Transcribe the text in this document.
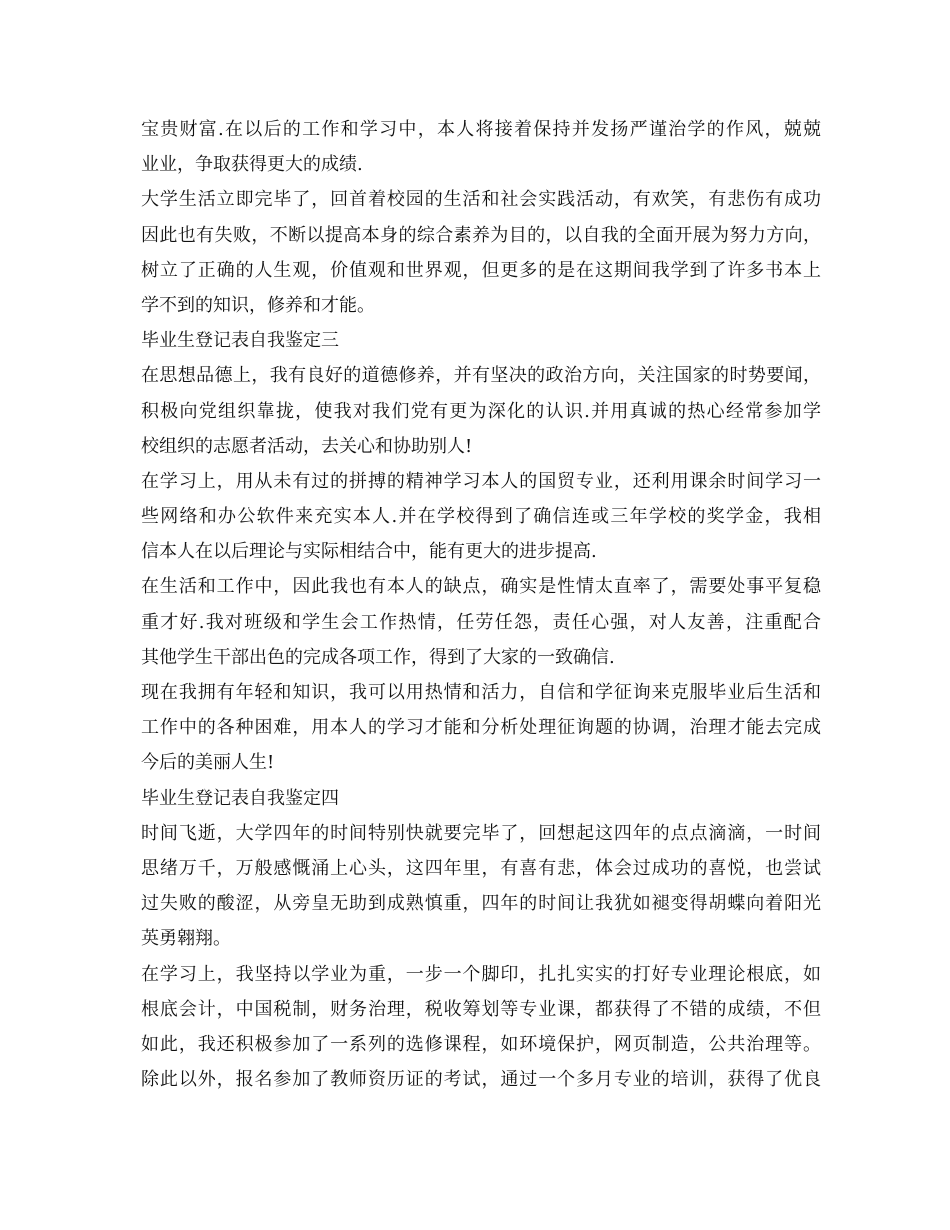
宝贵财富.在以后的工作和学习中，本人将接着保持并发扬严谨治学的作风，兢兢
业业，争取获得更大的成绩.
大学生活立即完毕了，回首着校园的生活和社会实践活动，有欢笑，有悲伤有成功
因此也有失败，不断以提高本身的综合素养为目的，以自我的全面开展为努力方向，
树立了正确的人生观，价值观和世界观，但更多的是在这期间我学到了许多书本上
学不到的知识，修养和才能。
毕业生登记表自我鉴定三
在思想品德上，我有良好的道德修养，并有坚决的政治方向，关注国家的时势要闻，
积极向党组织靠拢，使我对我们党有更为深化的认识.并用真诚的热心经常参加学
校组织的志愿者活动，去关心和协助别人!
在学习上，用从未有过的拼搏的精神学习本人的国贸专业，还利用课余时间学习一
些网络和办公软件来充实本人.并在学校得到了确信连或三年学校的奖学金，我相
信本人在以后理论与实际相结合中，能有更大的进步提高.
在生活和工作中，因此我也有本人的缺点，确实是性情太直率了，需要处事平复稳
重才好.我对班级和学生会工作热情，任劳任怨，责任心强，对人友善，注重配合
其他学生干部出色的完成各项工作，得到了大家的一致确信.
现在我拥有年轻和知识，我可以用热情和活力，自信和学征询来克服毕业后生活和
工作中的各种困难，用本人的学习才能和分析处理征询题的协调，治理才能去完成
今后的美丽人生!
毕业生登记表自我鉴定四
时间飞逝，大学四年的时间特别快就要完毕了，回想起这四年的点点滴滴，一时间
思绪万千，万般感慨涌上心头，这四年里，有喜有悲，体会过成功的喜悦，也尝试
过失败的酸涩，从旁皇无助到成熟慎重，四年的时间让我犹如褪变得胡蝶向着阳光
英勇翱翔。
在学习上，我坚持以学业为重，一步一个脚印，扎扎实实的打好专业理论根底，如
根底会计，中国税制，财务治理，税收筹划等专业课，都获得了不错的成绩，不但
如此，我还积极参加了一系列的选修课程，如环境保护，网页制造，公共治理等。
除此以外，报名参加了教师资历证的考试，通过一个多月专业的培训，获得了优良
